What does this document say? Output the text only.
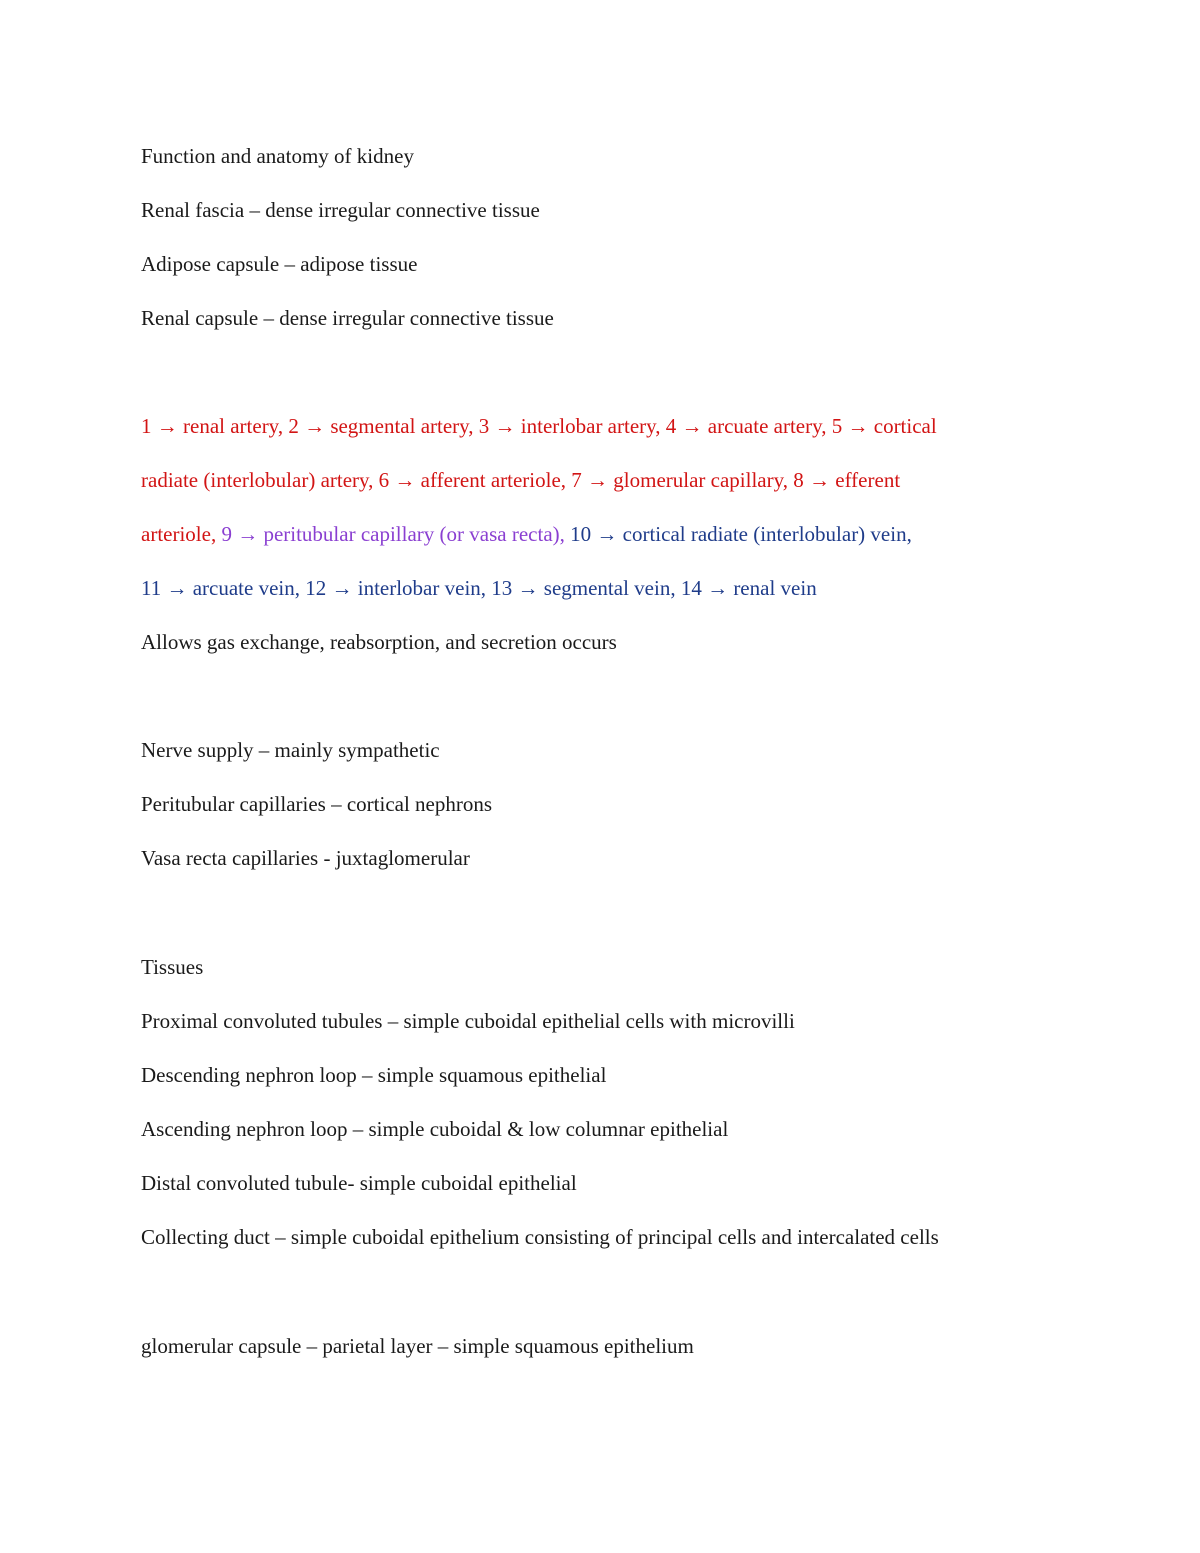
Function and anatomy of kidney
Renal fascia – dense irregular connective tissue
Adipose capsule – adipose tissue
Renal capsule – dense irregular connective tissue
1 → renal artery, 2 → segmental artery, 3 → interlobar artery, 4 → arcuate artery, 5 → cortical
radiate (interlobular) artery, 6 → afferent arteriole, 7 → glomerular capillary, 8 → efferent
arteriole, 9 → peritubular capillary (or vasa recta), 10 → cortical radiate (interlobular) vein,
11 → arcuate vein, 12 → interlobar vein, 13 → segmental vein, 14 → renal vein
Allows gas exchange, reabsorption, and secretion occurs
Nerve supply – mainly sympathetic
Peritubular capillaries – cortical nephrons
Vasa recta capillaries - juxtaglomerular
Tissues
Proximal convoluted tubules – simple cuboidal epithelial cells with microvilli
Descending nephron loop – simple squamous epithelial
Ascending nephron loop – simple cuboidal & low columnar epithelial
Distal convoluted tubule- simple cuboidal epithelial
Collecting duct – simple cuboidal epithelium consisting of principal cells and intercalated cells
glomerular capsule – parietal layer – simple squamous epithelium
